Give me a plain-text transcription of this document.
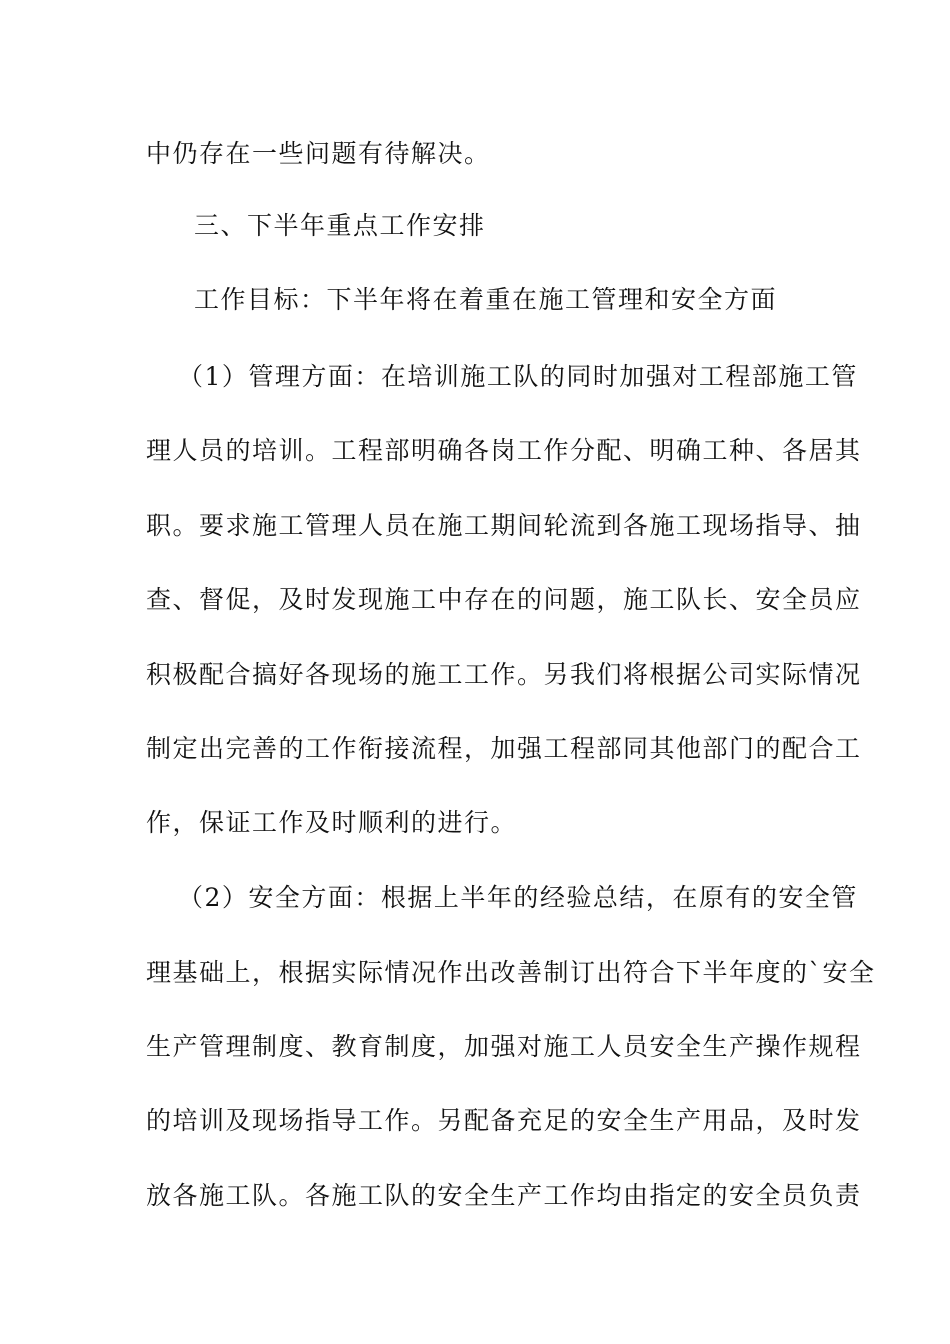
中仍存在一些问题有待解决。
三、下半年重点工作安排
工作目标：下半年将在着重在施工管理和安全方面
（1）管理方面：在培训施工队的同时加强对工程部施工管
理人员的培训。工程部明确各岗工作分配、明确工种、各居其
职。要求施工管理人员在施工期间轮流到各施工现场指导、抽
查、督促，及时发现施工中存在的问题，施工队长、安全员应
积极配合搞好各现场的施工工作。另我们将根据公司实际情况
制定出完善的工作衔接流程，加强工程部同其他部门的配合工
作，保证工作及时顺利的进行。
（2）安全方面：根据上半年的经验总结，在原有的安全管
理基础上，根据实际情况作出改善制订出符合下半年度的`安全
生产管理制度、教育制度，加强对施工人员安全生产操作规程
的培训及现场指导工作。另配备充足的安全生产用品，及时发
放各施工队。各施工队的安全生产工作均由指定的安全员负责
